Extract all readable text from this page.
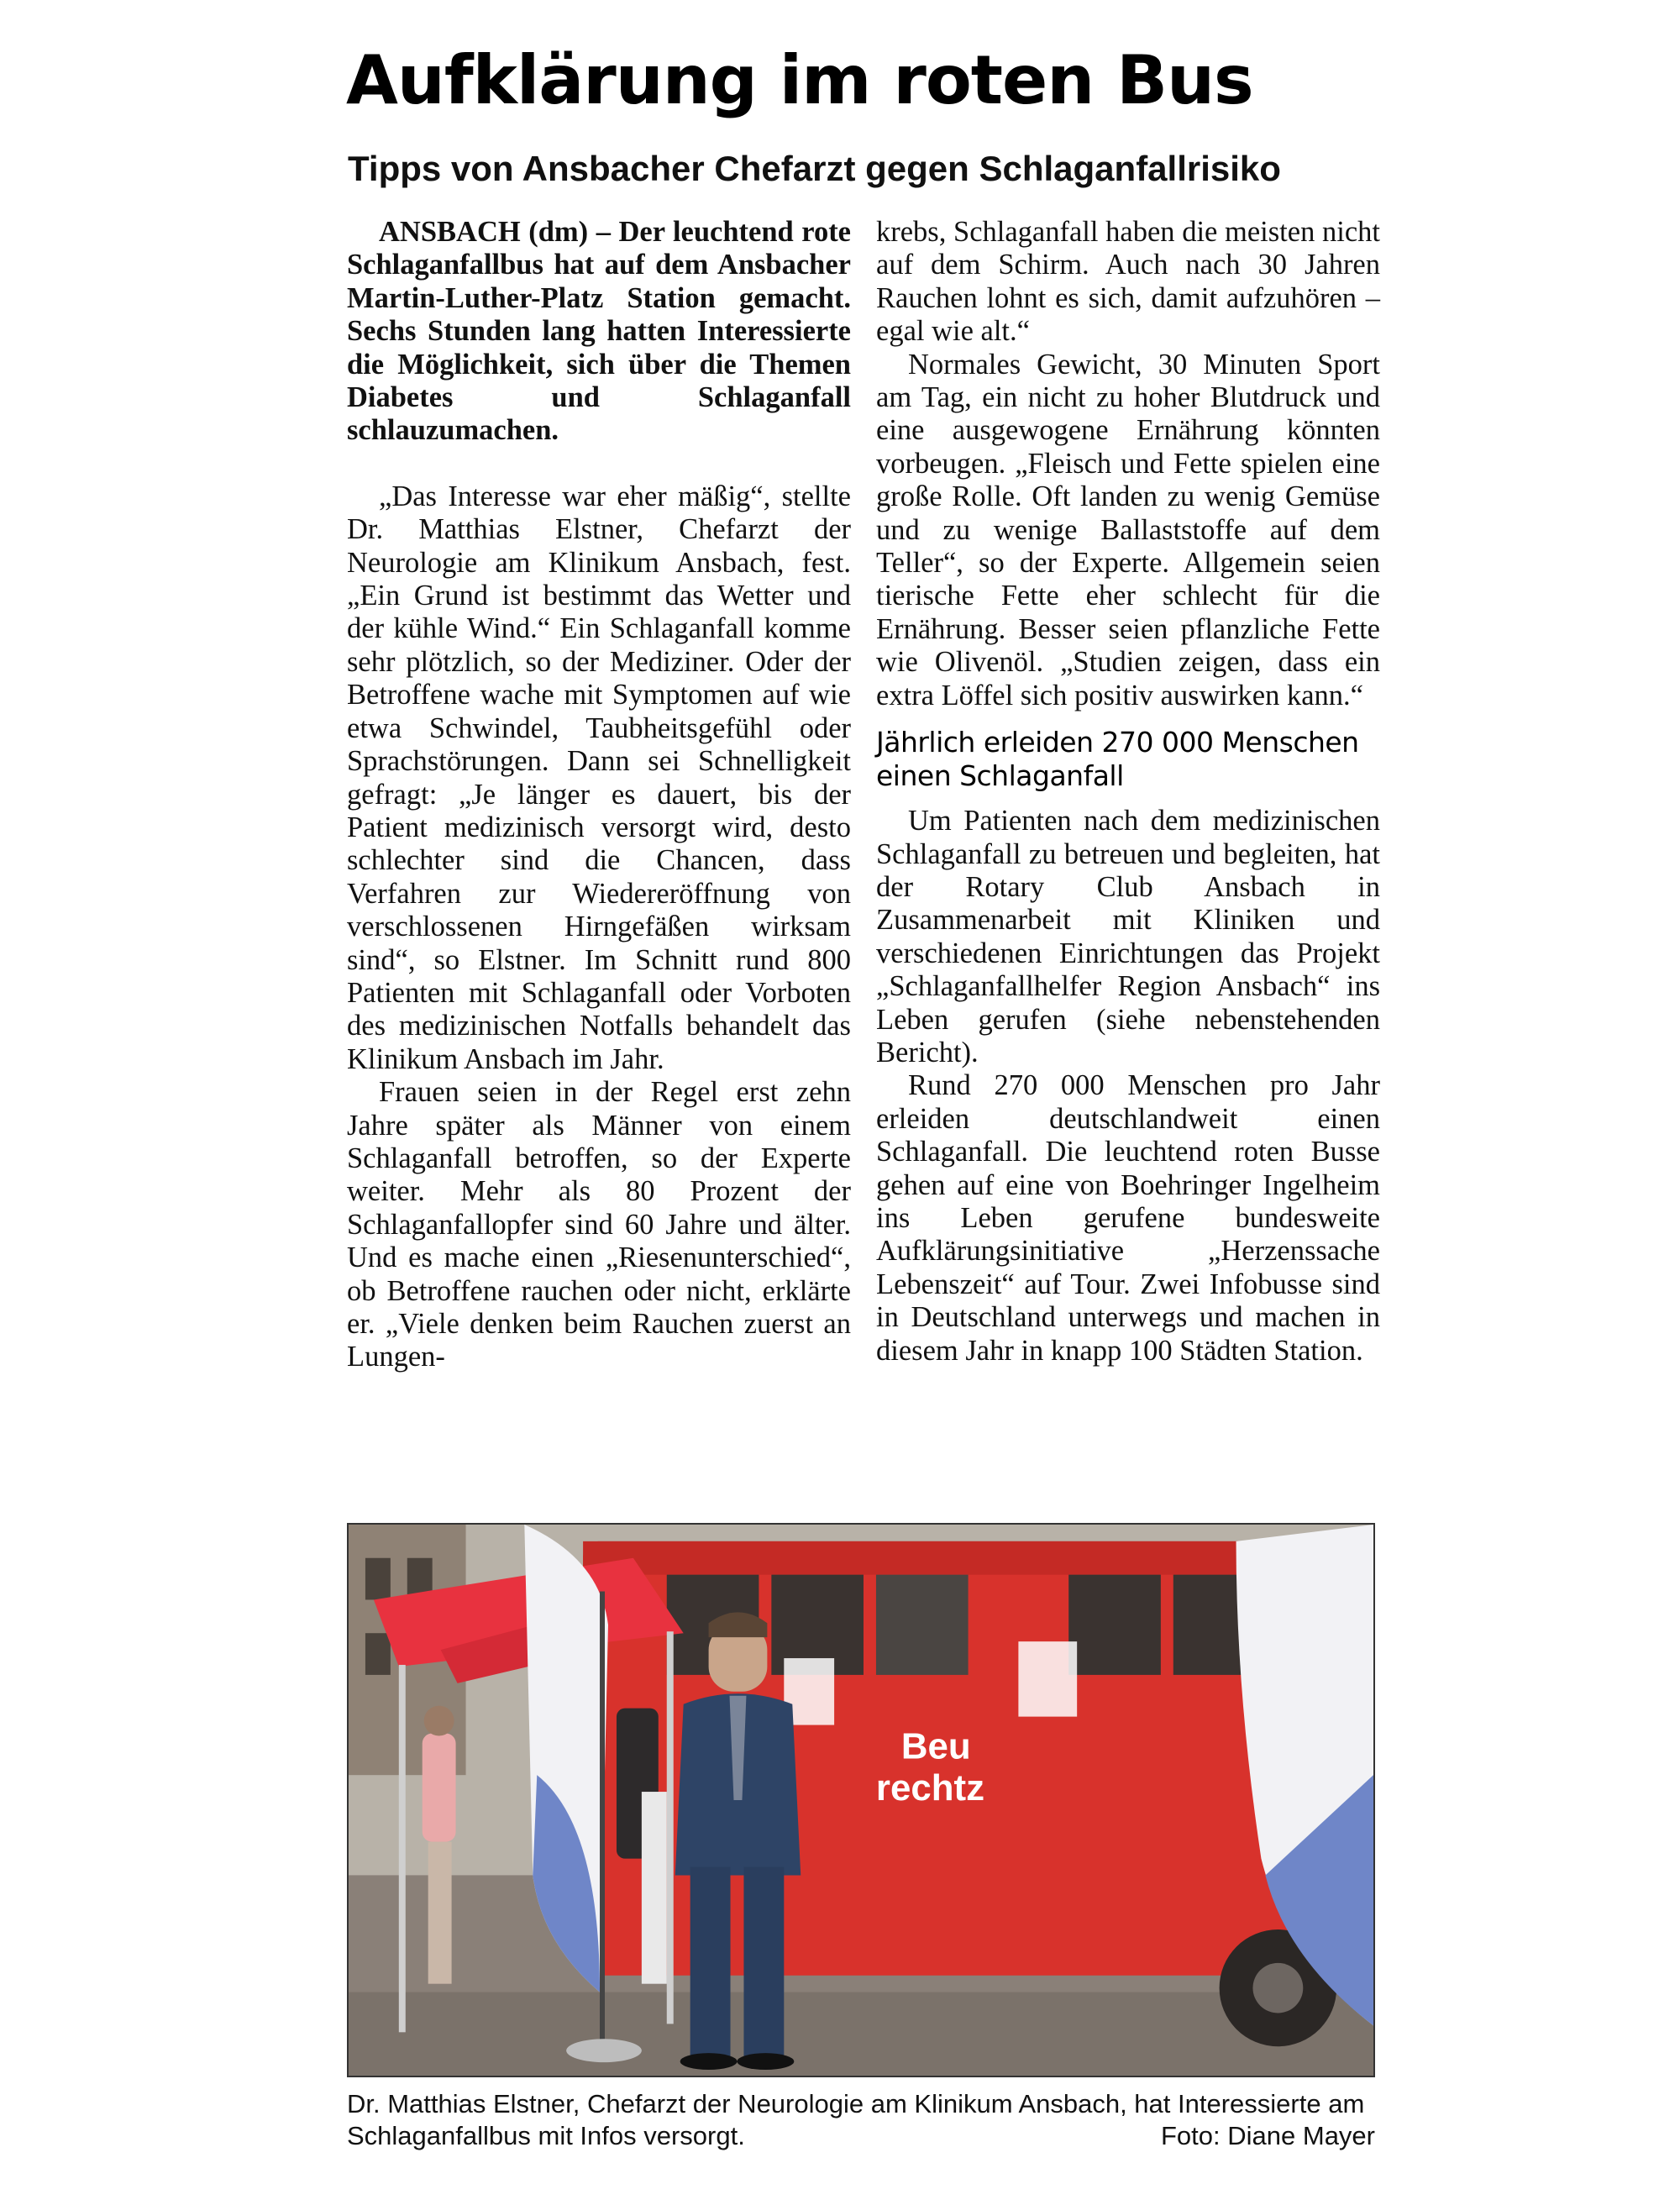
Aufklärung im roten Bus
Tipps von Ansbacher Chefarzt gegen Schlaganfallrisiko

ANSBACH (dm) – Der leuchtend rote Schlaganfallbus hat auf dem Ansbacher Martin-Luther-Platz Station gemacht. Sechs Stunden lang hatten Interessierte die Möglichkeit, sich über die Themen Diabetes und Schlaganfall schlauzumachen.

„Das Interesse war eher mäßig“, stellte Dr. Matthias Elstner, Chefarzt der Neurologie am Klinikum Ansbach, fest. „Ein Grund ist bestimmt das Wetter und der kühle Wind.“ Ein Schlaganfall komme sehr plötzlich, so der Mediziner. Oder der Betroffene wache mit Symptomen auf wie etwa Schwindel, Taubheitsgefühl oder Sprachstörungen. Dann sei Schnelligkeit gefragt: „Je länger es dauert, bis der Patient medizinisch versorgt wird, desto schlechter sind die Chancen, dass Verfahren zur Wiedereröffnung von verschlossenen Hirngefäßen wirksam sind“, so Elstner. Im Schnitt rund 800 Patienten mit Schlaganfall oder Vorboten des medizinischen Notfalls behandelt das Klinikum Ansbach im Jahr.

Frauen seien in der Regel erst zehn Jahre später als Männer von einem Schlaganfall betroffen, so der Experte weiter. Mehr als 80 Prozent der Schlaganfallopfer sind 60 Jahre und älter. Und es mache einen „Riesenunterschied“, ob Betroffene rauchen oder nicht, erklärte er. „Viele denken beim Rauchen zuerst an Lungen-

krebs, Schlaganfall haben die meisten nicht auf dem Schirm. Auch nach 30 Jahren Rauchen lohnt es sich, damit aufzuhören – egal wie alt.“

Normales Gewicht, 30 Minuten Sport am Tag, ein nicht zu hoher Blutdruck und eine ausgewogene Ernährung könnten vorbeugen. „Fleisch und Fette spielen eine große Rolle. Oft landen zu wenig Gemüse und zu wenige Ballaststoffe auf dem Teller“, so der Experte. Allgemein seien tierische Fette eher schlecht für die Ernährung. Besser seien pflanzliche Fette wie Olivenöl. „Studien zeigen, dass ein extra Löffel sich positiv auswirken kann.“

Jährlich erleiden 270 000 Menschen einen Schlaganfall

Um Patienten nach dem medizinischen Schlaganfall zu betreuen und begleiten, hat der Rotary Club Ansbach in Zusammenarbeit mit Kliniken und verschiedenen Einrichtungen das Projekt „Schlaganfallhelfer Region Ansbach“ ins Leben gerufen (siehe nebenstehenden Bericht).

Rund 270 000 Menschen pro Jahr erleiden deutschlandweit einen Schlaganfall. Die leuchtend roten Busse gehen auf eine von Boehringer Ingelheim ins Leben gerufene bundesweite Aufklärungsinitiative „Herzenssache Lebenszeit“ auf Tour. Zwei Infobusse sind in Deutschland unterwegs und machen in diesem Jahr in knapp 100 Städten Station.

Beu
rechtz
Dr. Matthias Elstner, Chefarzt der Neurologie am Klinikum Ansbach, hat Interessierte am Schlaganfallbus mit Infos versorgt.	Foto: Diane Mayer
